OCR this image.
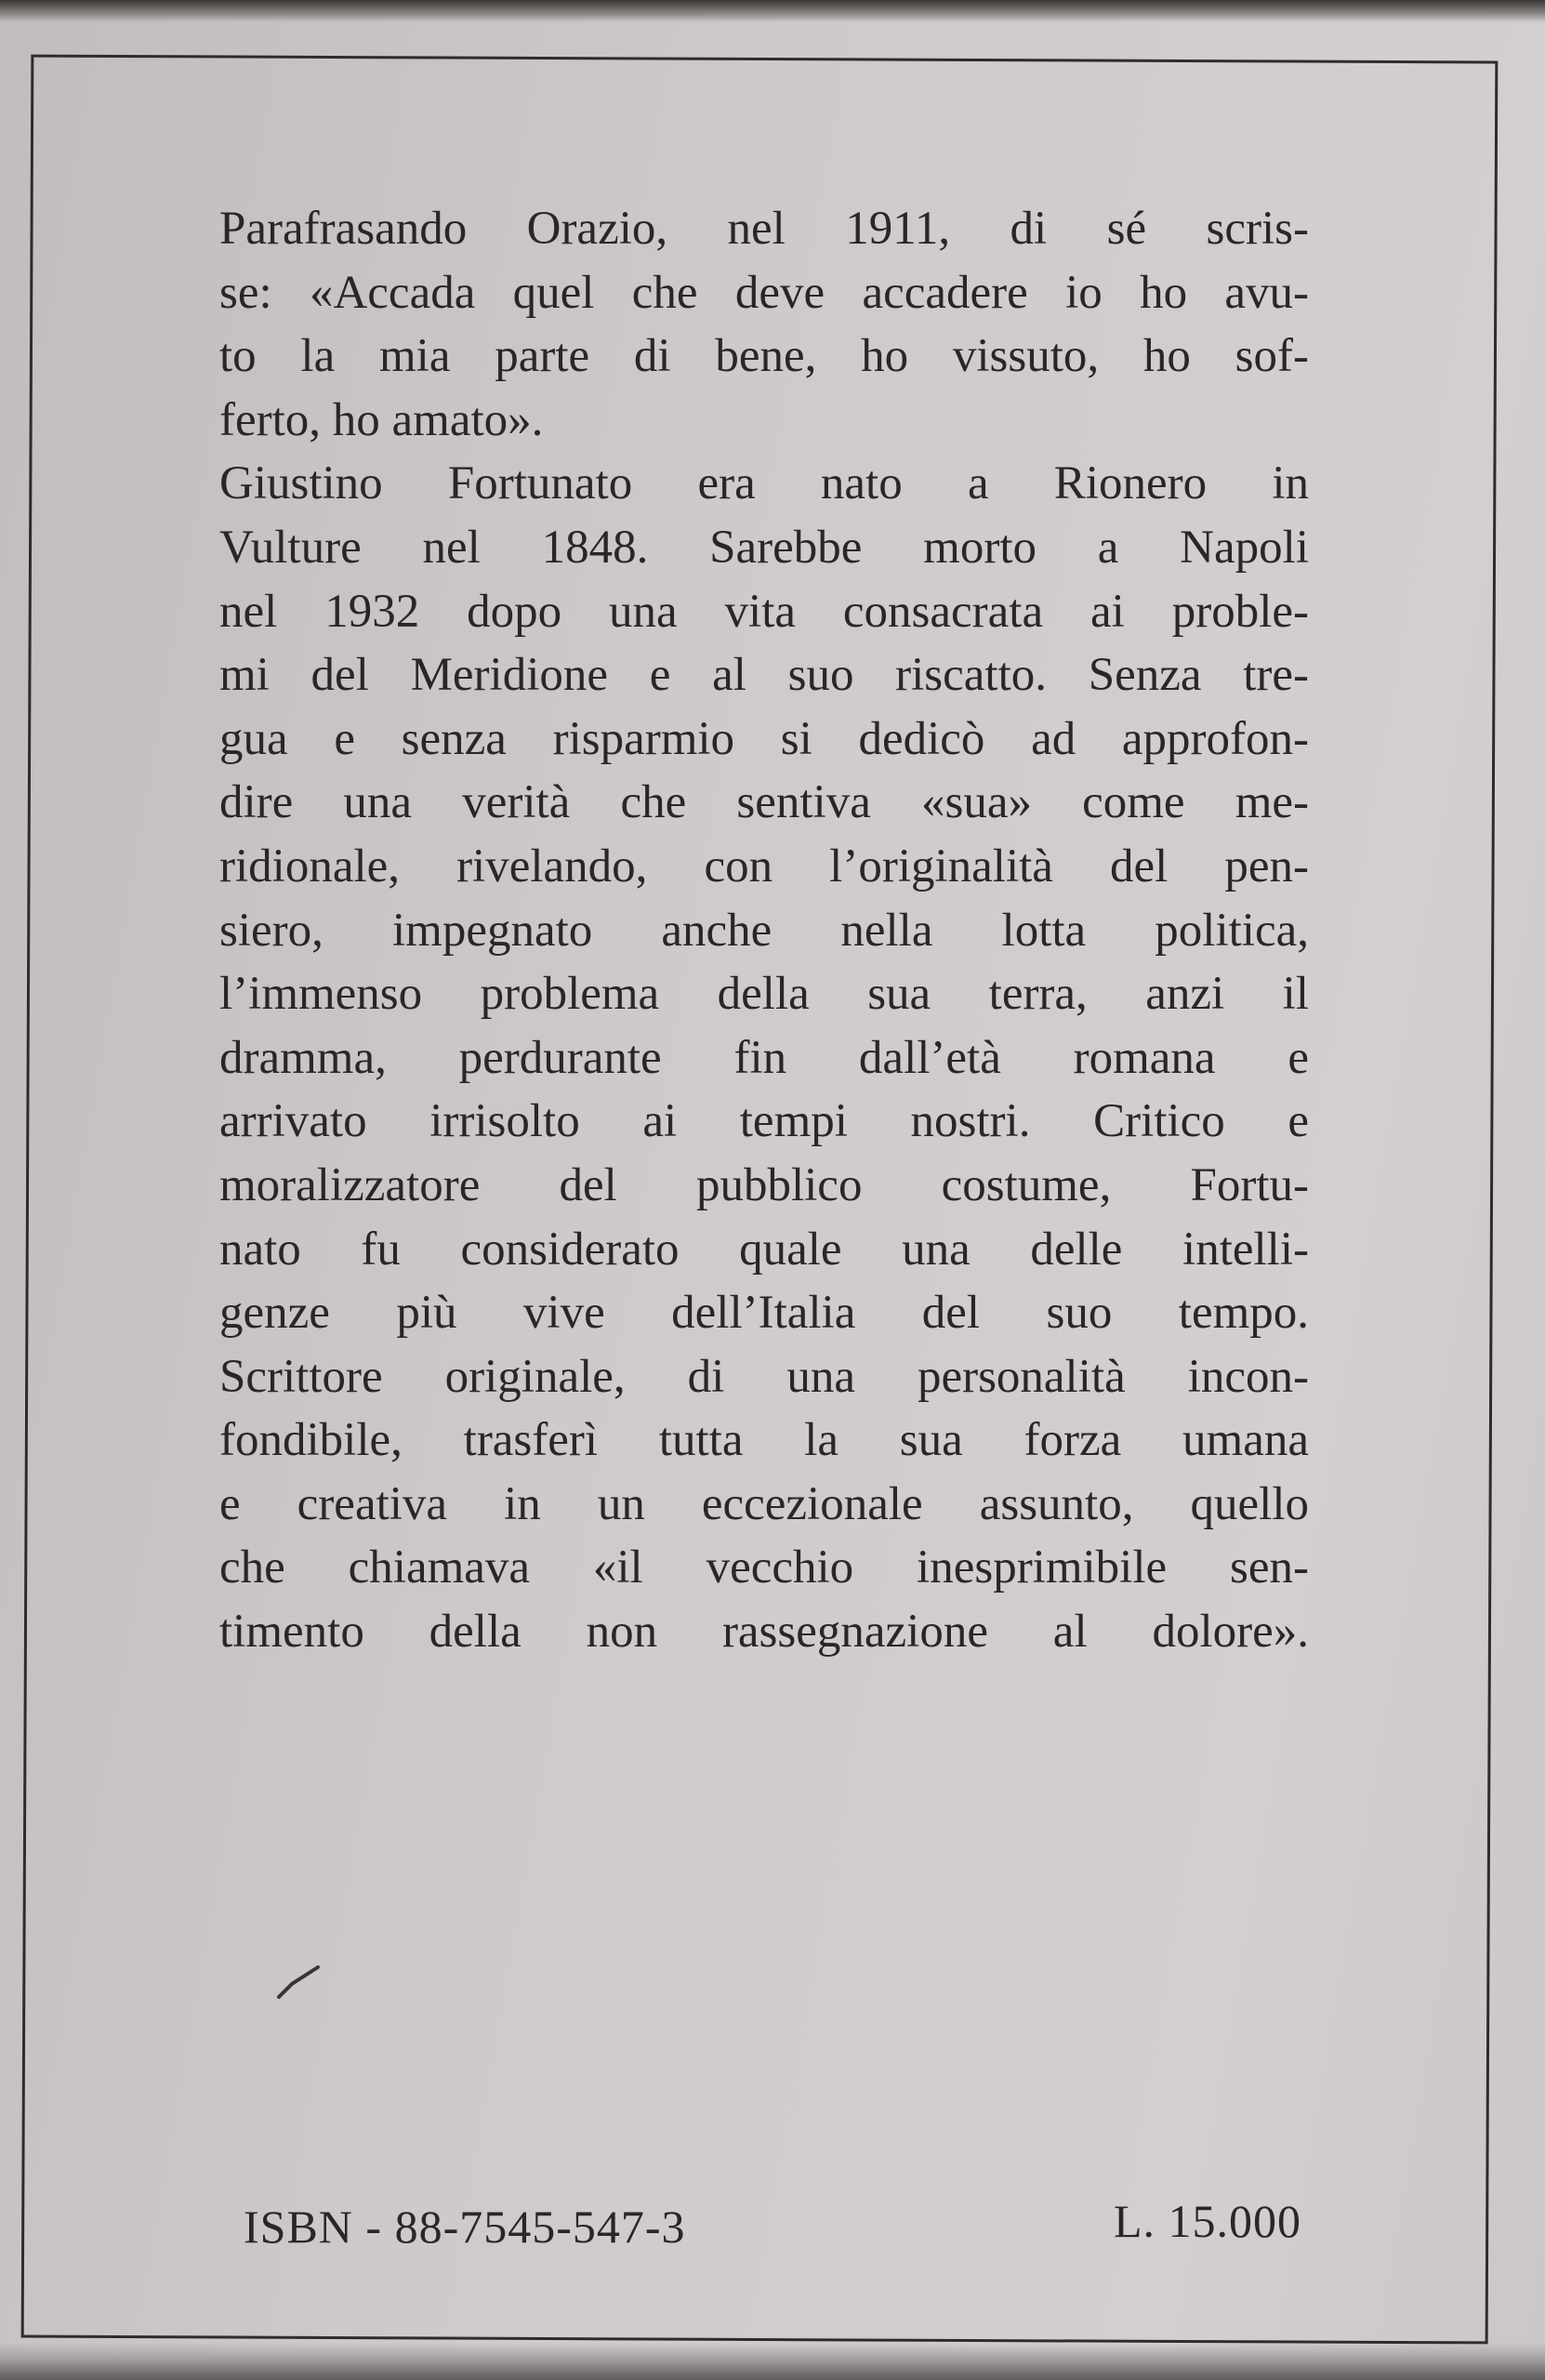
Parafrasando Orazio, nel 1911, di sé scris-
se: «Accada quel che deve accadere io ho avu-
to la mia parte di bene, ho vissuto, ho sof-
ferto, ho amato».
Giustino Fortunato era nato a Rionero in
Vulture nel 1848. Sarebbe morto a Napoli
nel 1932 dopo una vita consacrata ai proble-
mi del Meridione e al suo riscatto. Senza tre-
gua e senza risparmio si dedicò ad approfon-
dire una verità che sentiva «sua» come me-
ridionale, rivelando, con l’originalità del pen-
siero, impegnato anche nella lotta politica,
l’immenso problema della sua terra, anzi il
dramma, perdurante fin dall’età romana e
arrivato irrisolto ai tempi nostri. Critico e
moralizzatore del pubblico costume, Fortu-
nato fu considerato quale una delle intelli-
genze più vive dell’Italia del suo tempo.
Scrittore originale, di una personalità incon-
fondibile, trasferì tutta la sua forza umana
e creativa in un eccezionale assunto, quello
che chiamava «il vecchio inesprimibile sen-
timento della non rassegnazione al dolore».
ISBN - 88-7545-547-3	L. 15.000
